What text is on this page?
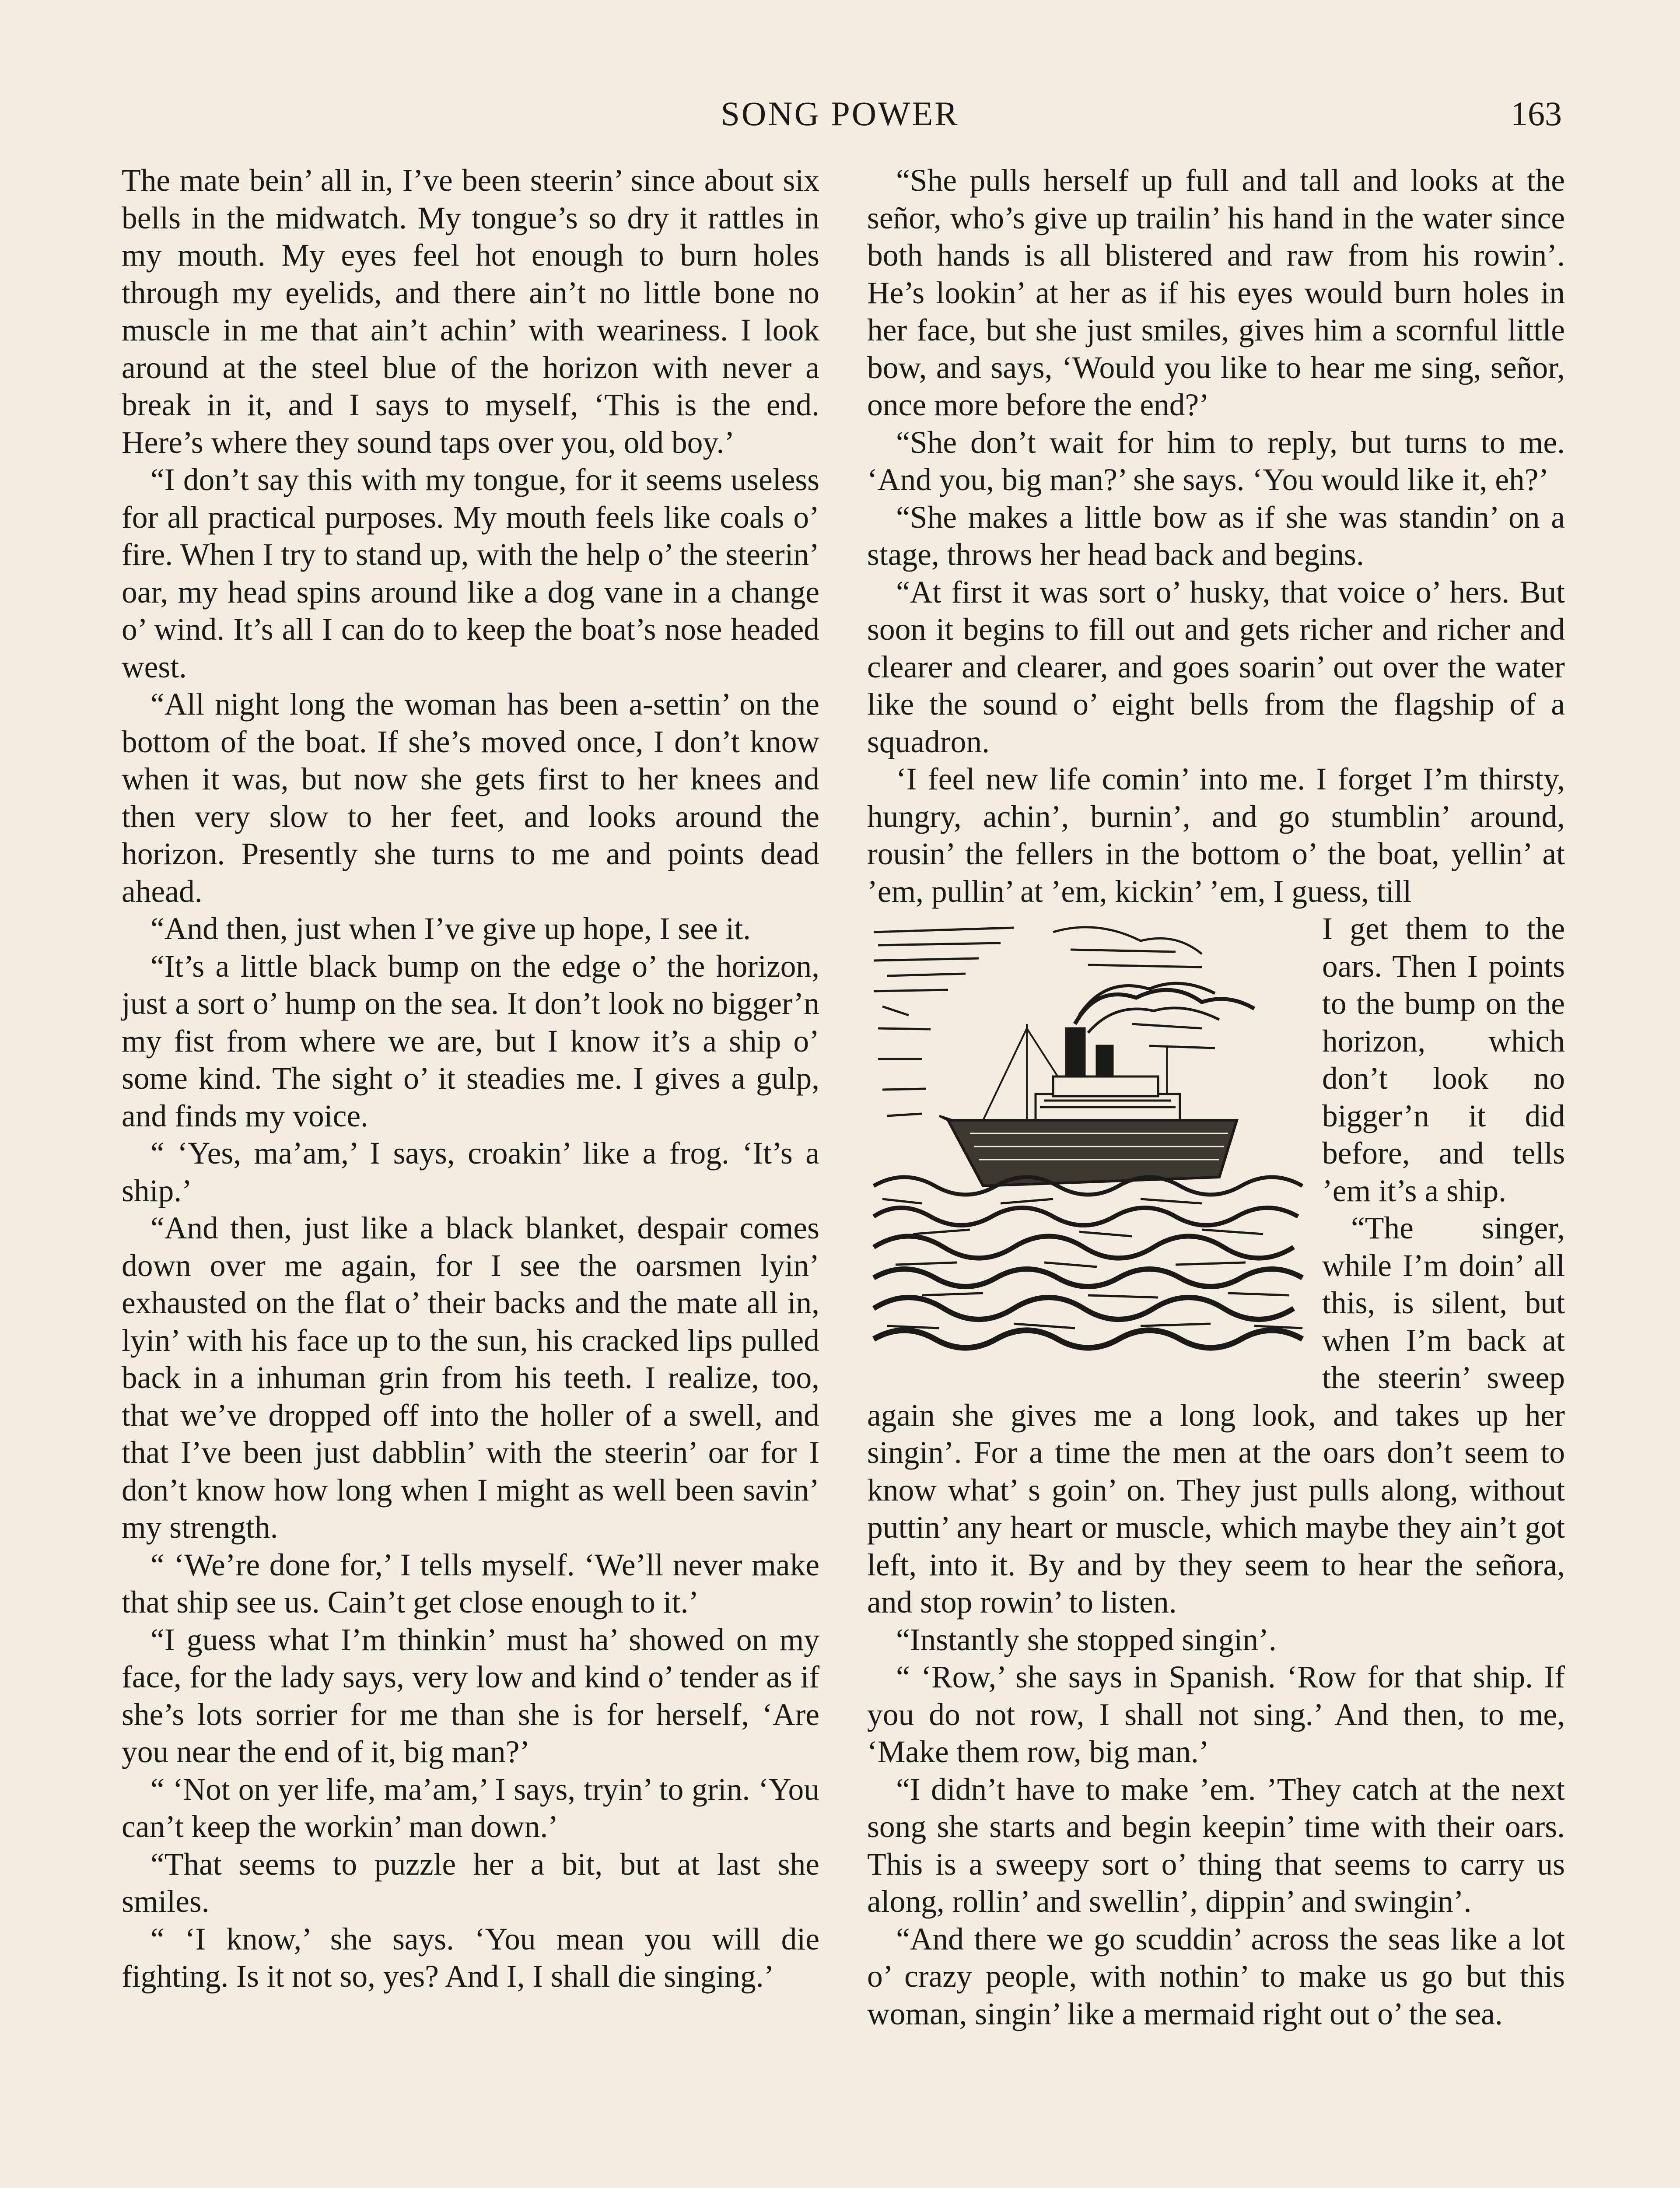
SONG POWER	163

The mate bein’ all in, I’ve been steerin’ since about six bells in the midwatch. My tongue’s so dry it rattles in my mouth. My eyes feel hot enough to burn holes through my eyelids, and there ain’t no little bone no muscle in me that ain’t achin’ with weariness. I look around at the steel blue of the horizon with never a break in it, and I says to myself, ‘This is the end. Here’s where they sound taps over you, old boy.’

“I don’t say this with my tongue, for it seems useless for all practical purposes. My mouth feels like coals o’ fire. When I try to stand up, with the help o’ the steerin’ oar, my head spins around like a dog vane in a change o’ wind. It’s all I can do to keep the boat’s nose headed west.

“All night long the woman has been a-settin’ on the bottom of the boat. If she’s moved once, I don’t know when it was, but now she gets first to her knees and then very slow to her feet, and looks around the horizon. Presently she turns to me and points dead ahead.

“And then, just when I’ve give up hope, I see it.

“It’s a little black bump on the edge o’ the horizon, just a sort o’ hump on the sea. It don’t look no bigger’n my fist from where we are, but I know it’s a ship o’ some kind. The sight o’ it steadies me. I gives a gulp, and finds my voice.

“ ‘Yes, ma’am,’ I says, croakin’ like a frog. ‘It’s a ship.’

“And then, just like a black blanket, despair comes down over me again, for I see the oarsmen lyin’ exhausted on the flat o’ their backs and the mate all in, lyin’ with his face up to the sun, his cracked lips pulled back in a inhuman grin from his teeth. I realize, too, that we’ve dropped off into the holler of a swell, and that I’ve been just dabblin’ with the steerin’ oar for I don’t know how long when I might as well been savin’ my strength.

“ ‘We’re done for,’ I tells myself. ‘We’ll never make that ship see us. Cain’t get close enough to it.’

“I guess what I’m thinkin’ must ha’ showed on my face, for the lady says, very low and kind o’ tender as if she’s lots sorrier for me than she is for herself, ‘Are you near the end of it, big man?’

“ ‘Not on yer life, ma’am,’ I says, tryin’ to grin. ‘You can’t keep the workin’ man down.’

“That seems to puzzle her a bit, but at last she smiles.

“ ‘I know,’ she says. ‘You mean you will die fighting. Is it not so, yes? And I, I shall die singing.’

“She pulls herself up full and tall and looks at the señor, who’s give up trailin’ his hand in the water since both hands is all blistered and raw from his rowin’. He’s lookin’ at her as if his eyes would burn holes in her face, but she just smiles, gives him a scornful little bow, and says, ‘Would you like to hear me sing, señor, once more before the end?’

“She don’t wait for him to reply, but turns to me. ‘And you, big man?’ she says. ‘You would like it, eh?’

“She makes a little bow as if she was standin’ on a stage, throws her head back and begins.

“At first it was sort o’ husky, that voice o’ hers. But soon it begins to fill out and gets richer and richer and clearer and clearer, and goes soarin’ out over the water like the sound o’ eight bells from the flagship of a squadron.

‘I feel new life comin’ into me. I forget I’m thirsty, hungry, achin’, burnin’, and go stumblin’ around, rousin’ the fellers in the bottom o’ the boat, yellin’ at ’em, pullin’ at ’em, kickin’ ’em, I guess, till

I get them to the oars. Then I points to the bump on the horizon, which don’t look no bigger’n it did before, and tells ’em it’s a ship.

“The singer, while I’m doin’ all this, is silent, but when I’m back at the steerin’ sweep again she gives me a long look, and takes up her singin’. For a time the men at the oars don’t seem to know what’ s goin’ on. They just pulls along, without puttin’ any heart or muscle, which maybe they ain’t got left, into it. By and by they seem to hear the señora, and stop rowin’ to listen.

“Instantly she stopped singin’.

“ ‘Row,’ she says in Spanish. ‘Row for that ship. If you do not row, I shall not sing.’ And then, to me, ‘Make them row, big man.’

“I didn’t have to make ’em. ’They catch at the next song she starts and begin keepin’ time with their oars. This is a sweepy sort o’ thing that seems to carry us along, rollin’ and swellin’, dippin’ and swingin’.

“And there we go scuddin’ across the seas like a lot o’ crazy people, with nothin’ to make us go but this woman, singin’ like a mermaid right out o’ the sea.
